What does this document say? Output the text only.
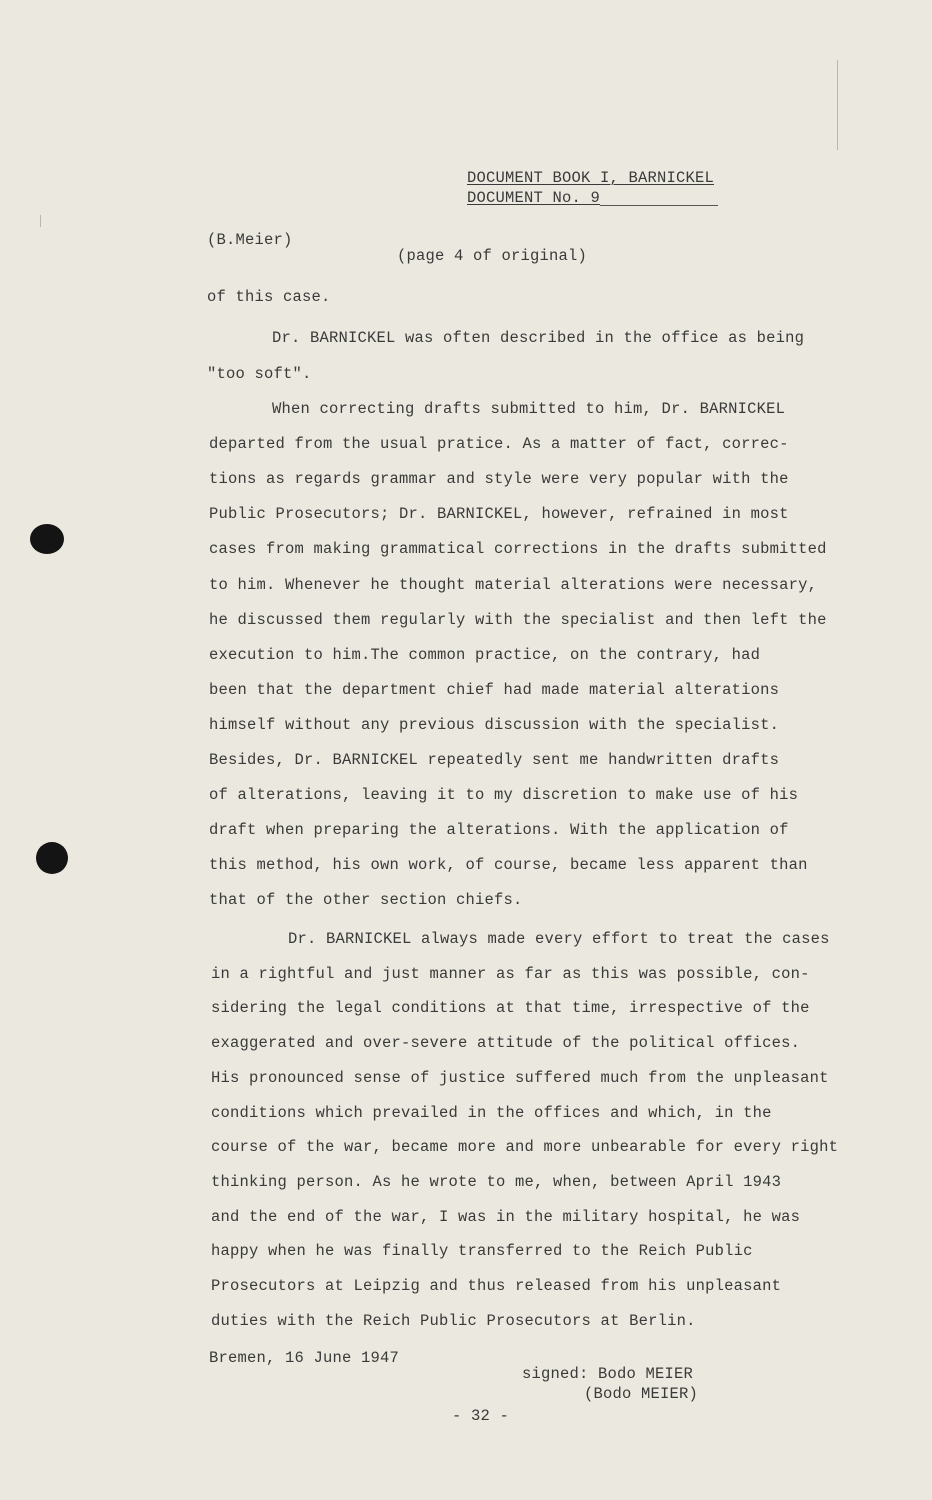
DOCUMENT BOOK I, BARNICKEL
DOCUMENT No. 9
(B.Meier)
(page 4 of original)
Bremen, 16 June 1947
signed: Bodo MEIER
(Bodo MEIER)
- 32 -
of this case.
Dr. BARNICKEL was often described in the office as being
"too soft".
When correcting drafts submitted to him, Dr. BARNICKEL
departed from the usual pratice. As a matter of fact, correc-
tions as regards grammar and style were very popular with the
Public Prosecutors; Dr. BARNICKEL, however, refrained in most
cases from making grammatical corrections in the drafts submitted
to him. Whenever he thought material alterations were necessary,
he discussed them regularly with the specialist and then left the
execution to him.The common practice, on the contrary, had
been that the department chief had made material alterations
himself without any previous discussion with the specialist.
Besides, Dr. BARNICKEL repeatedly sent me handwritten drafts
of alterations, leaving it to my discretion to make use of his
draft when preparing the alterations. With the application of
this method, his own work, of course, became less apparent than
that of the other section chiefs.
Dr. BARNICKEL always made every effort to treat the cases
in a rightful and just manner as far as this was possible, con-
sidering the legal conditions at that time, irrespective of the
exaggerated and over-severe attitude of the political offices.
His pronounced sense of justice suffered much from the unpleasant
conditions which prevailed in the offices and which, in the
course of the war, became more and more unbearable for every right
thinking person. As he wrote to me, when, between April 1943
and the end of the war, I was in the military hospital, he was
happy when he was finally transferred to the Reich Public
Prosecutors at Leipzig and thus released from his unpleasant
duties with the Reich Public Prosecutors at Berlin.
